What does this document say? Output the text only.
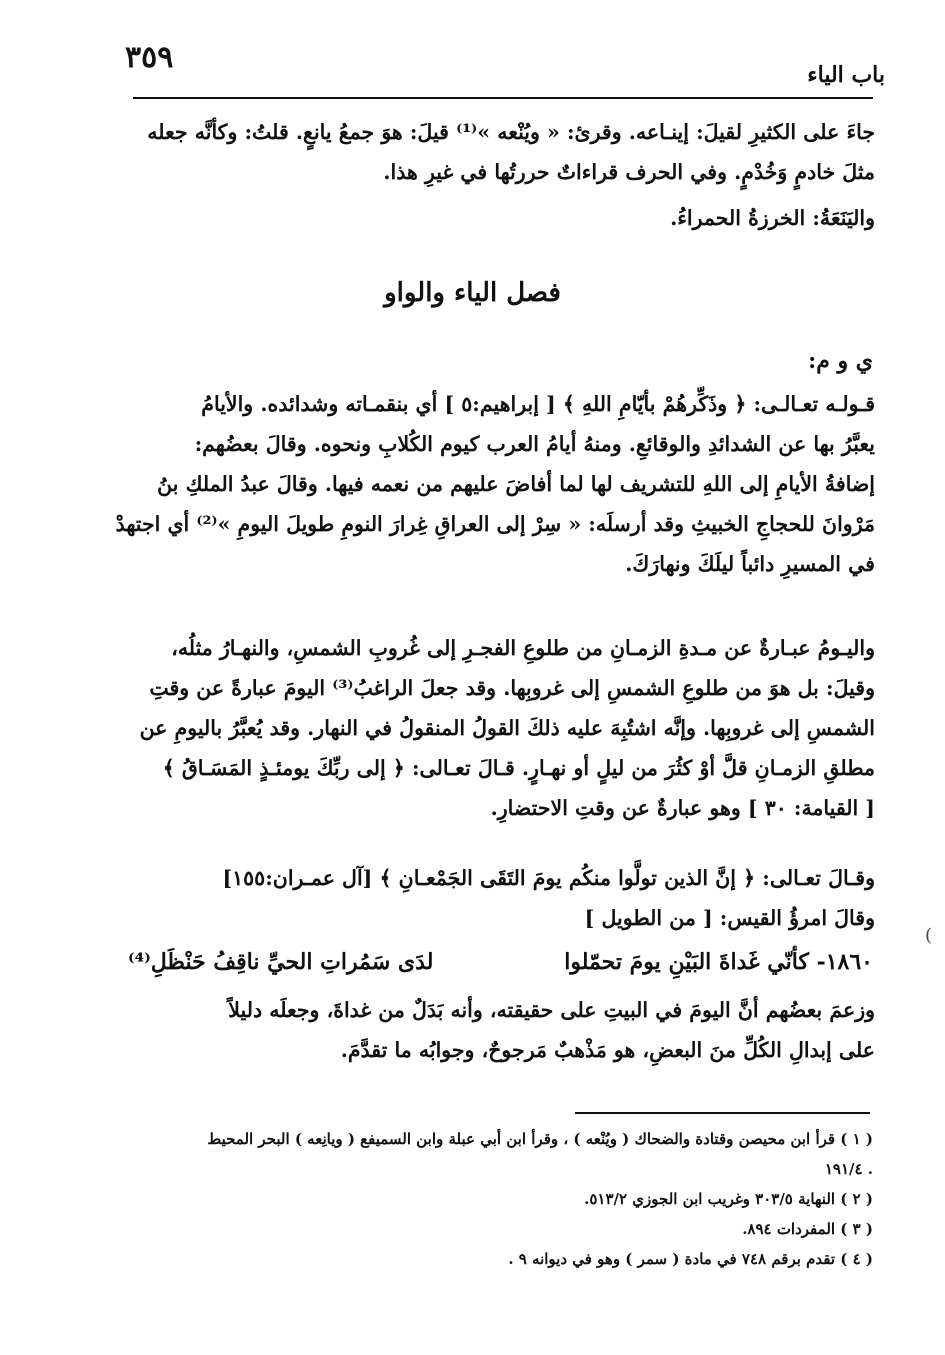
٣٥٩	باب الياء
جاءَ على الكثيرِ لقيلَ: إينـاعه. وقرئ: « ويُنْعه »⁽¹⁾ قيلَ: هوَ جمعُ يانعٍ. قلتُ: وكأنَّه جعله
مثلَ خادمٍ وَخُدْمٍ. وفي الحرف قراءاتٌ حررتُها في غيرِ هذا.
واليَنَعَةُ: الخرزةُ الحمراءُ.
فصل الياء والواو
ي و م:
قـولـه تعـالـى: ﴿ وذَكِّرهُمْ بأيّامِ اللهِ ﴾ [ إبراهيم:٥ ] أي بنقمـاته وشدائده. والأيامُ
يعبَّرُ بها عن الشدائدِ والوقائعِ. ومنهُ أيامُ العرب كيوم الكُلابِ ونحوه. وقالَ بعضُهم:
إضافةُ الأيامِ إلى اللهِ للتشريف لها لما أفاضَ عليهم من نعمه فيها. وقالَ عبدُ الملكِ بنُ
مَرْوانَ للحجاجِ الخبيثِ وقد أرسلَه: « سِرْ إلى العراقِ غِرارَ النومِ طويلَ اليومِ »⁽²⁾ أي اجتهدْ
في المسيرِ دائباً ليلَكَ ونهارَكَ.
واليـومُ عبـارةٌ عن مـدةِ الزمـانِ من طلوعِ الفجـرِ إلى غُروبِ الشمسِ، والنهـارُ مثلُه،
وقيلَ: بل هوَ من طلوعِ الشمسِ إلى غروبِها. وقد جعلَ الراغبُ⁽³⁾ اليومَ عبارةً عن وقتِ
الشمسِ إلى غروبِها. وإنَّه اشتُبِهَ عليه ذلكَ القولُ المنقولُ في النهار. وقد يُعبَّرُ باليومِ عن
مطلقِ الزمـانِ قلَّ أوْ كثُرَ من ليلٍ أو نهـارٍ. قـالَ تعـالى: ﴿ إلى ربِّكَ يومئـذٍ المَسَـاقُ ﴾
[ القيامة: ٣٠ ] وهو عبارةٌ عن وقتِ الاحتضارِ.
وقـالَ تعـالى: ﴿ إنَّ الذين تولَّوا منكُم يومَ التَقَى الجَمْعـانِ ﴾ [آل عمـران:١٥٥]
وقالَ امرؤُ القيس: [ من الطويل ]
١٨٦٠- كأنّي غَداةَ البَيْنِ يومَ تحمّلوا
لدَى سَمُراتِ الحيِّ ناقِفُ حَنْظَلِ⁽⁴⁾
وزعمَ بعضُهم أنَّ اليومَ في البيتِ على حقيقته، وأنه بَدَلٌ من غداةَ، وجعلَه دليلاً
على إبدالِ الكُلِّ منَ البعضِ، هو مَذْهبٌ مَرجوحٌ، وجوابُه ما تقدَّمَ.
( ١ ) قرأ ابن محيصن وقتادة والضحاك ( ويُنْعه ) ، وقرأ ابن أبي عبلة وابن السميفع ( ويانِعه ) البحر المحيط
. ١٩١/٤
( ٢ ) النهاية ٣٠٣/٥ وغريب ابن الجوزي ٥١٣/٢.
( ٣ ) المفردات ٨٩٤.
( ٤ ) تقدم برقم ٧٤٨ في مادة ( سمر ) وهو في ديوانه ٩ .
(
